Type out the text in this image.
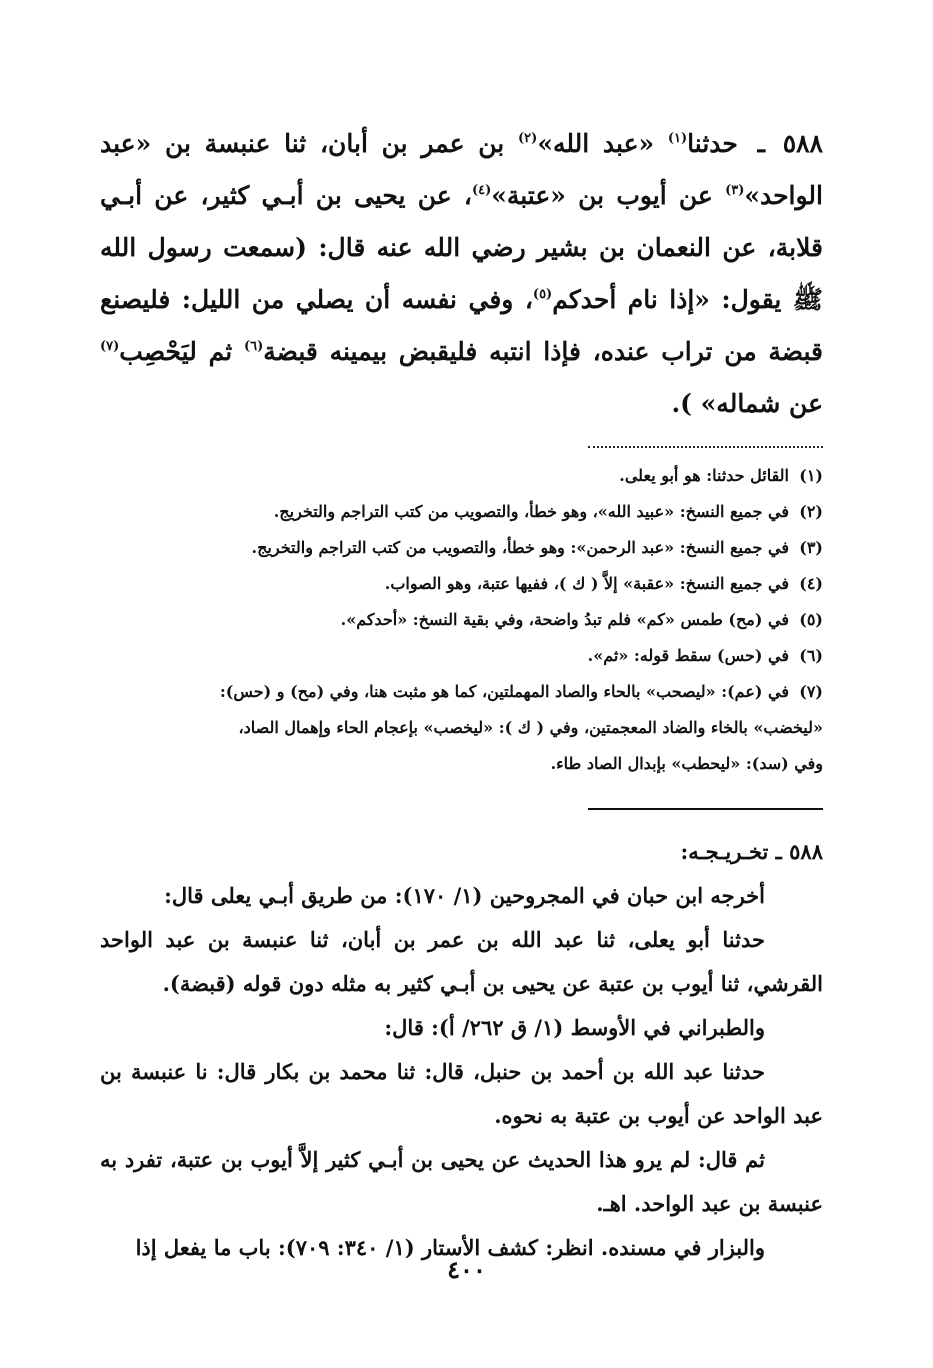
٥٨٨ ـ حدثنا$^{(١)}$ «عبد الله»$^{(٢)}$ بن عمر بن أبان، ثنا عنبسة بن «عبد الواحد»$^{(٣)}$ عن أيوب بن «عتبة»$^{(٤)}$، عن يحيى بن أبـي كثير، عن أبـي قلابة، عن النعمان بن بشير رضي الله عنه قال: (سمعت رسول الله ﷺ يقول: «إذا نام أحدكم$^{(٥)}$، وفي نفسه أن يصلي من الليل: فليصنع قبضة من تراب عنده، فإذا انتبه فليقبض بيمينه قبضة$^{(٦)}$ ثم ليَحْصِب$^{(٧)}$ عن شماله» ).

(١)القائل حدثنا: هو أبو يعلى.

(٢)في جميع النسخ: «عبيد الله»، وهو خطأ، والتصويب من كتب التراجم والتخريج.

(٣)في جميع النسخ: «عبد الرحمن»: وهو خطأ، والتصويب من كتب التراجم والتخريج.

(٤)في جميع النسخ: «عقبة» إلاَّ ( ك )، ففيها عتبة، وهو الصواب.

(٥)في (مح) طمس «كم» فلم تبدُ واضحة، وفي بقية النسخ: «أحدكم».

(٦)في (حس) سقط قوله: «ثم».

(٧)في (عم): «ليصحب» بالحاء والصاد المهملتين، كما هو مثبت هنا، وفي (مح) و (حس):

«ليخضب» بالخاء والضاد المعجمتين، وفي ( ك ): «ليخصب» بإعجام الحاء وإهمال الصاد،

وفي (سد): «ليحطب» بإبدال الصاد طاء.

٥٨٨ ـ تخـريـجـه:

أخرجه ابن حبان في المجروحين (١/ ١٧٠): من طريق أبـي يعلى قال:

حدثنا أبو يعلى، ثنا عبد الله بن عمر بن أبان، ثنا عنبسة بن عبد الواحد القرشي، ثنا أيوب بن عتبة عن يحيى بن أبـي كثير به مثله دون قوله (قبضة).

والطبراني في الأوسط (١/ ق ٢٦٢/ أ): قال:

حدثنا عبد الله بن أحمد بن حنبل، قال: ثنا محمد بن بكار قال: نا عنبسة بن عبد الواحد عن أيوب بن عتبة به نحوه.

ثم قال: لم يرو هذا الحديث عن يحيى بن أبـي كثير إلاَّ أيوب بن عتبة، تفرد به عنبسة بن عبد الواحد. اهـ.

والبزار في مسنده. انظر: كشف الأستار (١/ ٣٤٠: ٧٠٩): باب ما يفعل إذا

٤٠٠
